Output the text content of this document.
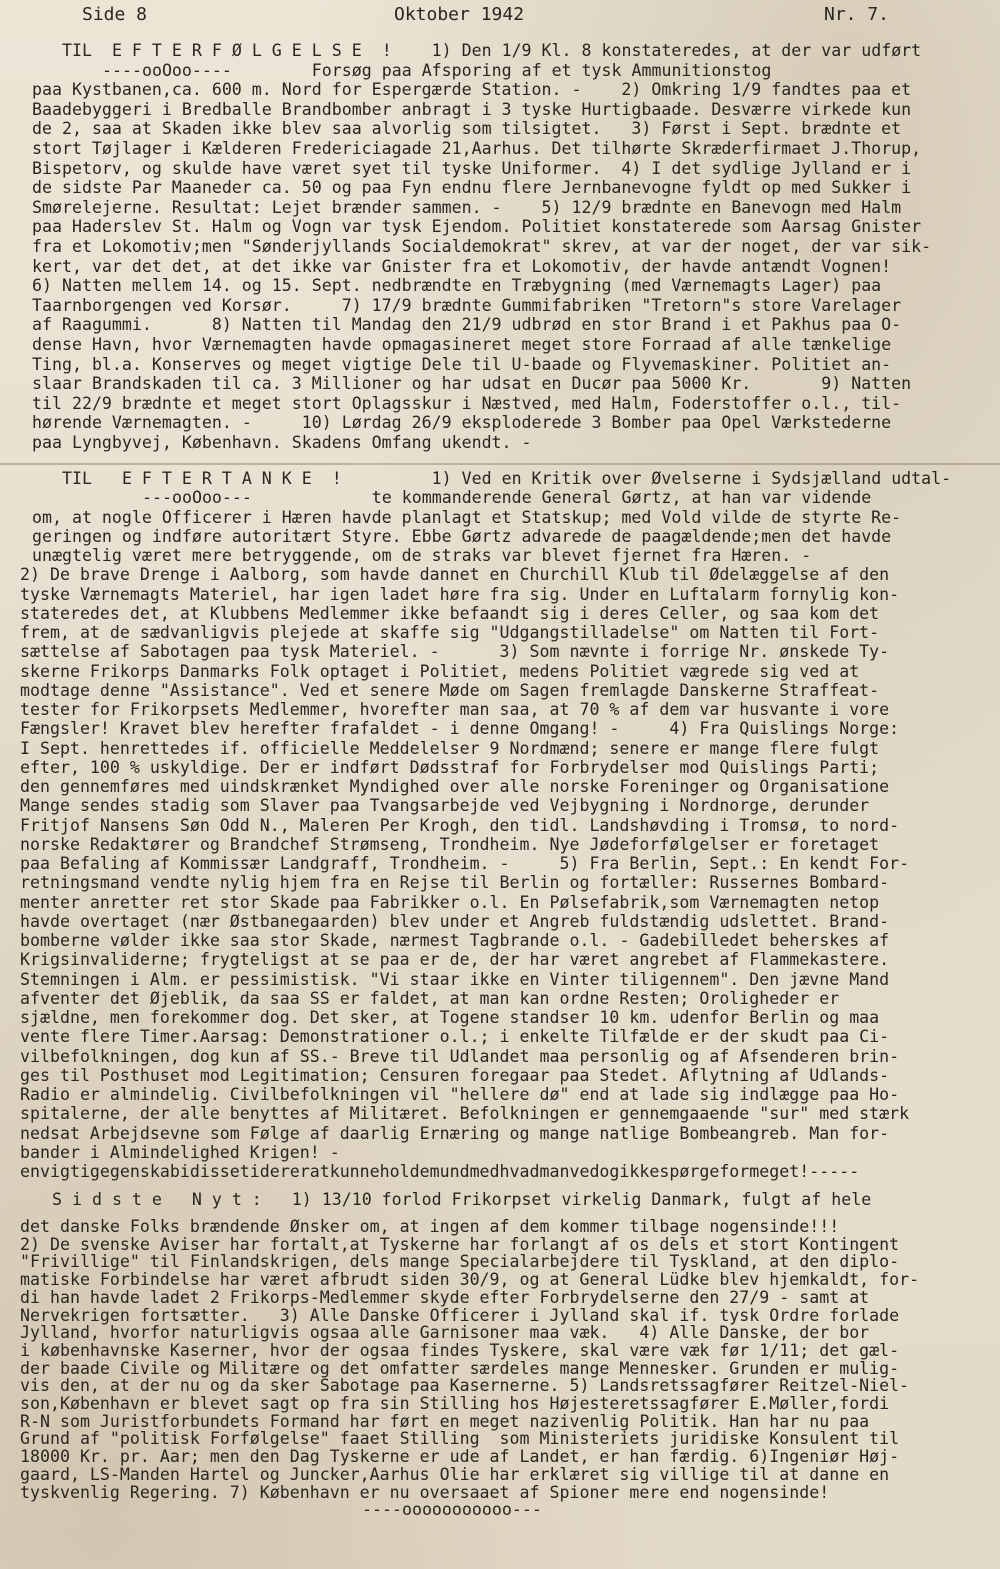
Side 8	Oktober 1942	Nr. 7.
TIL  E F T E R F Ø L G E L S E  !    1) Den 1/9 Kl. 8 konstateredes, at der var udført
----ooOoo----        Forsøg paa Afsporing af et tysk Ammunitionstog
paa Kystbanen,ca. 600 m. Nord for Espergærde Station. -    2) Omkring 1/9 fandtes paa et
Baadebyggeri i Bredballe Brandbomber anbragt i 3 tyske Hurtigbaade. Desværre virkede kun
de 2, saa at Skaden ikke blev saa alvorlig som tilsigtet.   3) Først i Sept. brædnte et
stort Tøjlager i Kælderen Fredericiagade 21,Aarhus. Det tilhørte Skræderfirmaet J.Thorup,
Bispetorv, og skulde have været syet til tyske Uniformer.  4) I det sydlige Jylland er i
de sidste Par Maaneder ca. 50 og paa Fyn endnu flere Jernbanevogne fyldt op med Sukker i
Smørelejerne. Resultat: Lejet brænder sammen. -    5) 12/9 brædnte en Banevogn med Halm
paa Haderslev St. Halm og Vogn var tysk Ejendom. Politiet konstaterede som Aarsag Gnister
fra et Lokomotiv;men "Sønderjyllands Socialdemokrat" skrev, at var der noget, der var sik-
kert, var det det, at det ikke var Gnister fra et Lokomotiv, der havde antændt Vognen!
6) Natten mellem 14. og 15. Sept. nedbrændte en Træbygning (med Værnemagts Lager) paa
Taarnborgengen ved Korsør.     7) 17/9 brædnte Gummifabriken "Tretorn"s store Varelager
af Raagummi.      8) Natten til Mandag den 21/9 udbrød en stor Brand i et Pakhus paa O-
dense Havn, hvor Værnemagten havde opmagasineret meget store Forraad af alle tænkelige
Ting, bl.a. Konserves og meget vigtige Dele til U-baade og Flyvemaskiner. Politiet an-
slaar Brandskaden til ca. 3 Millioner og har udsat en Ducør paa 5000 Kr.       9) Natten
til 22/9 brædnte et meget stort Oplagsskur i Næstved, med Halm, Foderstoffer o.l., til-
hørende Værnemagten. -     10) Lørdag 26/9 eksploderede 3 Bomber paa Opel Værkstederne
paa Lyngbyvej, København. Skadens Omfang ukendt. -
TIL   E F T E R T A N K E  !         1) Ved en Kritik over Øvelserne i Sydsjælland udtal-
---ooOoo---            te kommanderende General Gørtz, at han var vidende
om, at nogle Officerer i Hæren havde planlagt et Statskup; med Vold vilde de styrte Re-
geringen og indføre autoritært Styre. Ebbe Gørtz advarede de paagældende;men det havde
unægtelig været mere betryggende, om de straks var blevet fjernet fra Hæren. -
2) De brave Drenge i Aalborg, som havde dannet en Churchill Klub til Ødelæggelse af den
tyske Værnemagts Materiel, har igen ladet høre fra sig. Under en Luftalarm fornylig kon-
stateredes det, at Klubbens Medlemmer ikke befaandt sig i deres Celler, og saa kom det
frem, at de sædvanligvis plejede at skaffe sig "Udgangstilladelse" om Natten til Fort-
sættelse af Sabotagen paa tysk Materiel. -      3) Som nævnte i forrige Nr. ønskede Ty-
skerne Frikorps Danmarks Folk optaget i Politiet, medens Politiet vægrede sig ved at
modtage denne "Assistance". Ved et senere Møde om Sagen fremlagde Danskerne Straffeat-
tester for Frikorpsets Medlemmer, hvorefter man saa, at 70 % af dem var husvante i vore
Fængsler! Kravet blev herefter frafaldet - i denne Omgang! -     4) Fra Quislings Norge:
I Sept. henrettedes if. officielle Meddelelser 9 Nordmænd; senere er mange flere fulgt
efter, 100 % uskyldige. Der er indført Dødsstraf for Forbrydelser mod Quislings Parti;
den gennemføres med uindskrænket Myndighed over alle norske Foreninger og Organisatione
Mange sendes stadig som Slaver paa Tvangsarbejde ved Vejbygning i Nordnorge, derunder
Fritjof Nansens Søn Odd N., Maleren Per Krogh, den tidl. Landshøvding i Tromsø, to nord-
norske Redaktører og Brandchef Strømseng, Trondheim. Nye Jødeforfølgelser er foretaget
paa Befaling af Kommissær Landgraff, Trondheim. -     5) Fra Berlin, Sept.: En kendt For-
retningsmand vendte nylig hjem fra en Rejse til Berlin og fortæller: Russernes Bombard-
menter anretter ret stor Skade paa Fabrikker o.l. En Pølsefabrik,som Værnemagten netop
havde overtaget (nær Østbanegaarden) blev under et Angreb fuldstændig udslettet. Brand-
bomberne vølder ikke saa stor Skade, nærmest Tagbrande o.l. - Gadebilledet beherskes af
Krigsinvaliderne; frygteligst at se paa er de, der har været angrebet af Flammekastere.
Stemningen i Alm. er pessimistisk. "Vi staar ikke en Vinter tiligennem". Den jævne Mand
afventer det Øjeblik, da saa SS er faldet, at man kan ordne Resten; Oroligheder er
sjældne, men forekommer dog. Det sker, at Togene standser 10 km. udenfor Berlin og maa
vente flere Timer.Aarsag: Demonstrationer o.l.; i enkelte Tilfælde er der skudt paa Ci-
vilbefolkningen, dog kun af SS.- Breve til Udlandet maa personlig og af Afsenderen brin-
ges til Posthuset mod Legitimation; Censuren foregaar paa Stedet. Aflytning af Udlands-
Radio er almindelig. Civilbefolkningen vil "hellere dø" end at lade sig indlægge paa Ho-
spitalerne, der alle benyttes af Militæret. Befolkningen er gennemgaaende "sur" med stærk
nedsat Arbejdsevne som Følge af daarlig Ernæring og mange natlige Bombeangreb. Man for-
bander i Almindelighed Krigen! -
envigtigegenskabidissetidereratkunneholdemundmedhvadmanvedogikkespørgeformeget!-----
S i d s t e   N y t :   1) 13/10 forlod Frikorpset virkelig Danmark, fulgt af hele
det danske Folks brændende Ønsker om, at ingen af dem kommer tilbage nogensinde!!!
2) De svenske Aviser har fortalt,at Tyskerne har forlangt af os dels et stort Kontingent
"Frivillige" til Finlandskrigen, dels mange Specialarbejdere til Tyskland, at den diplo-
matiske Forbindelse har været afbrudt siden 30/9, og at General Lüdke blev hjemkaldt, for-
di han havde ladet 2 Frikorps-Medlemmer skyde efter Forbrydelserne den 27/9 - samt at
Nervekrigen fortsætter.   3) Alle Danske Officerer i Jylland skal if. tysk Ordre forlade
Jylland, hvorfor naturligvis ogsaa alle Garnisoner maa væk.   4) Alle Danske, der bor
i københavnske Kaserner, hvor der ogsaa findes Tyskere, skal være væk før 1/11; det gæl-
der baade Civile og Militære og det omfatter særdeles mange Mennesker. Grunden er mulig-
vis den, at der nu og da sker Sabotage paa Kasernerne. 5) Landsretssagfører Reitzel-Niel-
son,København er blevet sagt op fra sin Stilling hos Højesteretssagfører E.Møller,fordi
R-N som Juristforbundets Formand har ført en meget nazivenlig Politik. Han har nu paa
Grund af "politisk Forfølgelse" faaet Stilling  som Ministeriets juridiske Konsulent til
18000 Kr. pr. Aar; men den Dag Tyskerne er ude af Landet, er han færdig. 6)Ingeniør Høj-
gaard, LS-Manden Hartel og Juncker,Aarhus Olie har erklæret sig villige til at danne en
tyskvenlig Regering. 7) København er nu oversaaet af Spioner mere end nogensinde!
----ooooooooooo---
